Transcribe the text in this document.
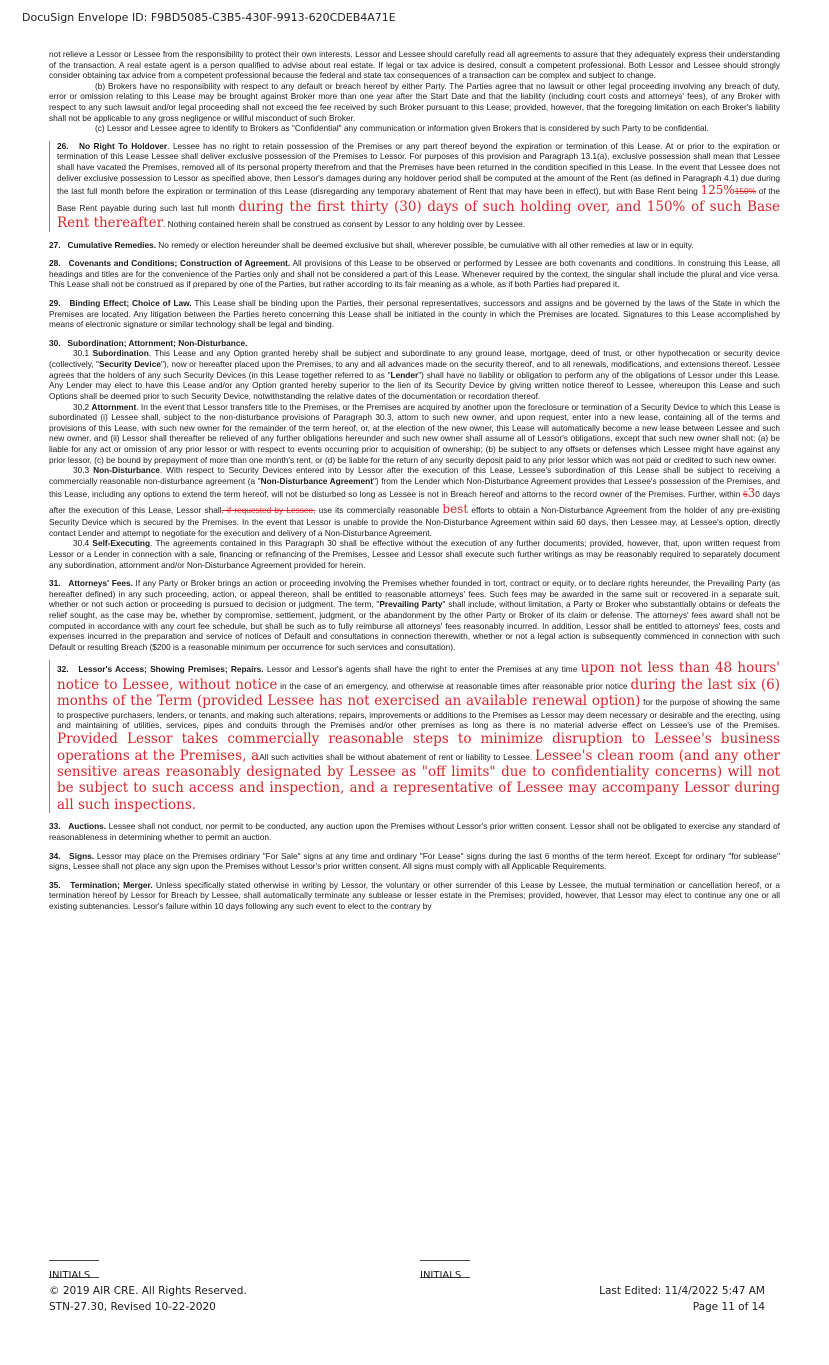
DocuSign Envelope ID: F9BD5085-C3B5-430F-9913-620CDEB4A71E

not relieve a Lessor or Lessee from the responsibility to protect their own interests. Lessor and Lessee should carefully read all agreements to assure that they adequately express their understanding of the transaction. A real estate agent is a person qualified to advise about real estate. If legal or tax advice is desired, consult a competent professional. Both Lessor and Lessee should strongly consider obtaining tax advice from a competent professional because the federal and state tax consequences of a transaction can be complex and subject to change.

(b) Brokers have no responsibility with respect to any default or breach hereof by either Party. The Parties agree that no lawsuit or other legal proceeding involving any breach of duty, error or omission relating to this Lease may be brought against Broker more than one year after the Start Date and that the liability (including court costs and attorneys' fees), of any Broker with respect to any such lawsuit and/or legal proceeding shall not exceed the fee received by such Broker pursuant to this Lease; provided, however, that the foregoing limitation on each Broker's liability shall not be applicable to any gross negligence or willful misconduct of such Broker.

(c) Lessor and Lessee agree to identify to Brokers as "Confidential" any communication or information given Brokers that is considered by such Party to be confidential.

26. No Right To Holdover. Lessee has no right to retain possession of the Premises or any part thereof beyond the expiration or termination of this Lease. At or prior to the expiration or termination of this Lease Lessee shall deliver exclusive possession of the Premises to Lessor. For purposes of this provision and Paragraph 13.1(a), exclusive possession shall mean that Lessee shall have vacated the Premises, removed all of its personal property therefrom and that the Premises have been returned in the condition specified in this Lease. In the event that Lessee does not deliver exclusive possession to Lessor as specified above, then Lessor's damages during any holdover period shall be computed at the amount of the Rent (as defined in Paragraph 4.1) due during the last full month before the expiration or termination of this Lease (disregarding any temporary abatement of Rent that may have been in effect), but with Base Rent being 125%150% of the Base Rent payable during such last full month during the first thirty (30) days of such holding over, and 150% of such Base Rent thereafter. Nothing contained herein shall be construed as consent by Lessor to any holding over by Lessee.

27. Cumulative Remedies. No remedy or election hereunder shall be deemed exclusive but shall, wherever possible, be cumulative with all other remedies at law or in equity.

28. Covenants and Conditions; Construction of Agreement. All provisions of this Lease to be observed or performed by Lessee are both covenants and conditions. In construing this Lease, all headings and titles are for the convenience of the Parties only and shall not be considered a part of this Lease. Whenever required by the context, the singular shall include the plural and vice versa. This Lease shall not be construed as if prepared by one of the Parties, but rather according to its fair meaning as a whole, as if both Parties had prepared it.

29. Binding Effect; Choice of Law. This Lease shall be binding upon the Parties, their personal representatives, successors and assigns and be governed by the laws of the State in which the Premises are located. Any litigation between the Parties hereto concerning this Lease shall be initiated in the county in which the Premises are located. Signatures to this Lease accomplished by means of electronic signature or similar technology shall be legal and binding.

30. Subordination; Attornment; Non-Disturbance.

30.1 Subordination. This Lease and any Option granted hereby shall be subject and subordinate to any ground lease, mortgage, deed of trust, or other hypothecation or security device (collectively, "Security Device"), now or hereafter placed upon the Premises, to any and all advances made on the security thereof, and to all renewals, modifications, and extensions thereof. Lessee agrees that the holders of any such Security Devices (in this Lease together referred to as "Lender") shall have no liability or obligation to perform any of the obligations of Lessor under this Lease. Any Lender may elect to have this Lease and/or any Option granted hereby superior to the lien of its Security Device by giving written notice thereof to Lessee, whereupon this Lease and such Options shall be deemed prior to such Security Device, notwithstanding the relative dates of the documentation or recordation thereof.

30.2 Attornment. In the event that Lessor transfers title to the Premises, or the Premises are acquired by another upon the foreclosure or termination of a Security Device to which this Lease is subordinated (i) Lessee shall, subject to the non-disturbance provisions of Paragraph 30.3, attorn to such new owner, and upon request, enter into a new lease, containing all of the terms and provisions of this Lease, with such new owner for the remainder of the term hereof, or, at the election of the new owner, this Lease will automatically become a new lease between Lessee and such new owner, and (ii) Lessor shall thereafter be relieved of any further obligations hereunder and such new owner shall assume all of Lessor's obligations, except that such new owner shall not: (a) be liable for any act or omission of any prior lessor or with respect to events occurring prior to acquisition of ownership; (b) be subject to any offsets or defenses which Lessee might have against any prior lessor, (c) be bound by prepayment of more than one month's rent, or (d) be liable for the return of any security deposit paid to any prior lessor which was not paid or credited to such new owner.

30.3 Non-Disturbance. With respect to Security Devices entered into by Lessor after the execution of this Lease, Lessee's subordination of this Lease shall be subject to receiving a commercially reasonable non-disturbance agreement (a "Non-Disturbance Agreement") from the Lender which Non-Disturbance Agreement provides that Lessee's possession of the Premises, and this Lease, including any options to extend the term hereof, will not be disturbed so long as Lessee is not in Breach hereof and attorns to the record owner of the Premises. Further, within 630 days after the execution of this Lease, Lessor shall, if requested by Lessee, use its commercially reasonable best efforts to obtain a Non-Disturbance Agreement from the holder of any pre-existing Security Device which is secured by the Premises. In the event that Lessor is unable to provide the Non-Disturbance Agreement within said 60 days, then Lessee may, at Lessee's option, directly contact Lender and attempt to negotiate for the execution and delivery of a Non-Disturbance Agreement.

30.4 Self-Executing. The agreements contained in this Paragraph 30 shall be effective without the execution of any further documents; provided, however, that, upon written request from Lessor or a Lender in connection with a sale, financing or refinancing of the Premises, Lessee and Lessor shall execute such further writings as may be reasonably required to separately document any subordination, attornment and/or Non-Disturbance Agreement provided for herein.

31. Attorneys' Fees. If any Party or Broker brings an action or proceeding involving the Premises whether founded in tort, contract or equity, or to declare rights hereunder, the Prevailing Party (as hereafter defined) in any such proceeding, action, or appeal thereon, shall be entitled to reasonable attorneys' fees. Such fees may be awarded in the same suit or recovered in a separate suit, whether or not such action or proceeding is pursued to decision or judgment. The term, "Prevailing Party" shall include, without limitation, a Party or Broker who substantially obtains or defeats the relief sought, as the case may be, whether by compromise, settlement, judgment, or the abandonment by the other Party or Broker of its claim or defense. The attorneys' fees award shall not be computed in accordance with any court fee schedule, but shall be such as to fully reimburse all attorneys' fees reasonably incurred. In addition, Lessor shall be entitled to attorneys' fees, costs and expenses incurred in the preparation and service of notices of Default and consultations in connection therewith, whether or not a legal action is subsequently commenced in connection with such Default or resulting Breach ($200 is a reasonable minimum per occurrence for such services and consultation).

32. Lessor's Access; Showing Premises; Repairs. Lessor and Lessor's agents shall have the right to enter the Premises at any time upon not less than 48 hours' notice to Lessee, without notice in the case of an emergency, and otherwise at reasonable times after reasonable prior notice during the last six (6) months of the Term (provided Lessee has not exercised an available renewal option) for the purpose of showing the same to prospective purchasers, lenders, or tenants, and making such alterations, repairs, improvements or additions to the Premises as Lessor may deem necessary or desirable and the erecting, using and maintaining of utilities, services, pipes and conduits through the Premises and/or other premises as long as there is no material adverse effect on Lessee's use of the Premises. Provided Lessor takes commercially reasonable steps to minimize disruption to Lessee's business operations at the Premises, aAll such activities shall be without abatement of rent or liability to Lessee. Lessee's clean room (and any other sensitive areas reasonably designated by Lessee as "off limits" due to confidentiality concerns) will not be subject to such access and inspection, and a representative of Lessee may accompany Lessor during all such inspections.

33. Auctions. Lessee shall not conduct, nor permit to be conducted, any auction upon the Premises without Lessor's prior written consent. Lessor shall not be obligated to exercise any standard of reasonableness in determining whether to permit an auction.

34. Signs. Lessor may place on the Premises ordinary "For Sale" signs at any time and ordinary "For Lease" signs during the last 6 months of the term hereof. Except for ordinary "for sublease" signs, Lessee shall not place any sign upon the Premises without Lessor's prior written consent. All signs must comply with all Applicable Requirements.

35. Termination; Merger. Unless specifically stated otherwise in writing by Lessor, the voluntary or other surrender of this Lease by Lessee, the mutual termination or cancellation hereof, or a termination hereof by Lessor for Breach by Lessee, shall automatically terminate any sublease or lesser estate in the Premises; provided, however, that Lessor may elect to continue any one or all existing subtenancies. Lessor's failure within 10 days following any such event to elect to the contrary by

INITIALS	INITIALS
© 2019 AIR CRE. All Rights Reserved.
STN-27.30, Revised 10-22-2020
Last Edited: 11/4/2022 5:47 AM
Page 11 of 14
